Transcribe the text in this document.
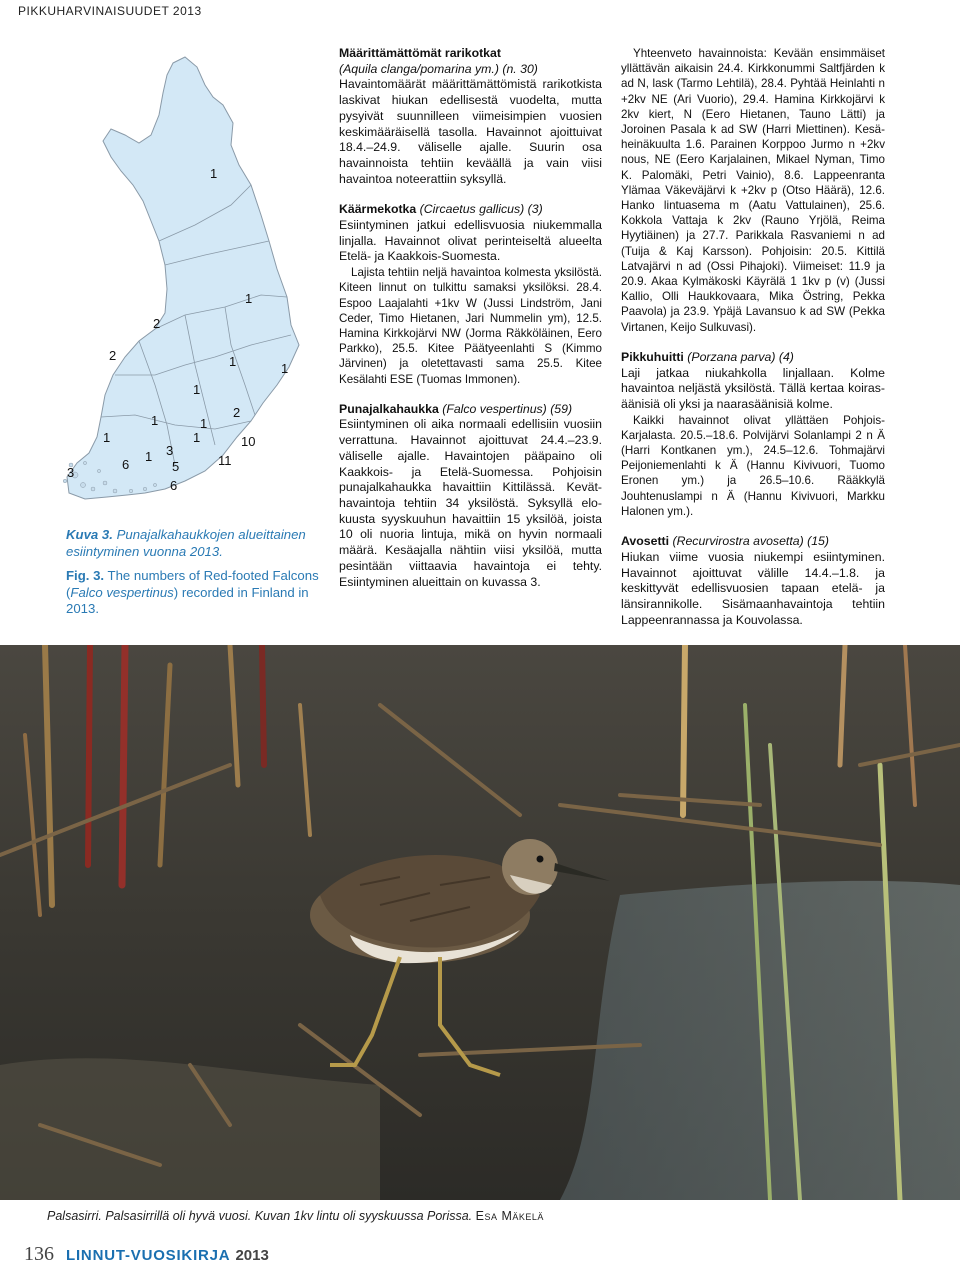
PIKKUHARVINAISUUDET 2013
1
1
2
2	1	1
1
2
1
1	1
1
6
3
5
1
10
11
6
3
Kuva 3. Punajalkahaukkojen alueittainen esiintyminen vuonna 2013.
Fig. 3. The numbers of Red-footed Falcons (Falco vespertinus) recorded in Finland in 2013.

Määrittämättömät rarikotkat

(Aquila clanga/pomarina ym.) (n. 30)

Havaintomäärät määrittämättömistä rarikotkista laskivat hiukan edellisestä vuodelta, mutta pysyivät suunnilleen viimeisimpien vuosien keskimääräisellä tasolla. Havainnot ajoittuivat 18.4.–24.9. väliselle ajalle. Suurin osa havainnoista tehtiin keväällä ja vain viisi havaintoa noteerattiin syksyllä.

Käärmekotka (Circaetus gallicus) (3)

Esiintyminen jatkui edellisvuosia niukemmalla linjalla. Havainnot olivat perinteiseltä alueelta Etelä- ja Kaakkois-Suomesta.

Lajista tehtiin neljä havaintoa kolmesta yksilöstä. Kiteen linnut on tulkittu samaksi yksilöksi. 28.4. Espoo Laajalahti +1kv W (Jussi Lindström, Jani Ceder, Timo Hietanen, Jari Nummelin ym), 12.5. Hamina Kirkkojärvi NW (Jorma Räkköläinen, Eero Parkko), 25.5. Kitee Päätyeenlahti S (Kimmo Järvinen) ja oletettavasti sama 25.5. Kitee Kesälahti ESE (Tuomas Immonen).

Punajalkahaukka (Falco vespertinus) (59)

Esiintyminen oli aika normaali edellisiin vuosiin verrattuna. Havainnot ajoittuvat 24.4.–23.9. väliselle ajalle. Havaintojen pääpaino oli Kaakkois- ja Etelä-Suomessa. Pohjoisin punajalkahaukka havaittiin Kittilässä. Keväthavaintoja tehtiin 34 yksilöstä. Syksyllä elokuusta syyskuuhun havaittiin 15 yksilöä, joista 10 oli nuoria lintuja, mikä on hyvin normaali määrä. Kesäajalla nähtiin viisi yksilöä, mutta pesintään viittaavia havaintoja ei tehty. Esiintyminen alueittain on kuvassa 3.

Yhteenveto havainnoista: Kevään ensimmäiset yllättävän aikaisin 24.4. Kirkkonummi Saltfjärden k ad N, lask (Tarmo Lehtilä), 28.4. Pyhtää Heinlahti n +2kv NE (Ari Vuorio), 29.4. Hamina Kirkkojärvi k 2kv kiert, N (Eero Hietanen, Tauno Lätti) ja Joroinen Pasala k ad SW (Harri Miettinen). Kesä-heinäkuulta 1.6. Parainen Korppoo Jurmo n +2kv nous, NE (Eero Karjalainen, Mikael Nyman, Timo K. Palomäki, Petri Vainio), 8.6. Lappeenranta Ylämaa Väkeväjärvi k +2kv p (Otso Häärä), 12.6. Hanko lintuasema m (Aatu Vattulainen), 25.6. Kokkola Vattaja k 2kv (Rauno Yrjölä, Reima Hyytiäinen) ja 27.7. Parikkala Rasvaniemi n ad (Tuija & Kaj Karsson). Pohjoisin: 20.5. Kittilä Latvajärvi n ad (Ossi Pihajoki). Viimeiset: 11.9 ja 20.9. Akaa Kylmäkoski Käyrälä 1 1kv p (v) (Jussi Kallio, Olli Haukkovaara, Mika Östring, Pekka Paavola) ja 23.9. Ypäjä Lavansuo k ad SW (Pekka Virtanen, Keijo Sulkuvasi).

Pikkuhuitti (Porzana parva) (4)

Laji jatkaa niukahkolla linjallaan. Kolme havaintoa neljästä yksilöstä. Tällä kertaa koirasäänisiä oli yksi ja naarasäänisiä kolme.

Kaikki havainnot olivat yllättäen Pohjois-Karjalasta. 20.5.–18.6. Polvijärvi Solanlampi 2 n Ä (Harri Kontkanen ym.), 24.5–12.6. Tohmajärvi Peijoniemenlahti k Ä (Hannu Kivivuori, Tuomo Eronen ym.) ja 26.5–10.6. Rääkkylä Jouhtenuslampi n Ä (Hannu Kivivuori, Markku Halonen ym.).

Avosetti (Recurvirostra avosetta) (15)

Hiukan viime vuosia niukempi esiintyminen. Havainnot ajoittuvat välille 14.4.–1.8. ja keskittyvät edellisvuosien tapaan etelä- ja länsirannikolle. Sisämaanhavaintoja tehtiin Lappeenrannassa ja Kouvolassa.

Palsasirri. Palsasirrillä oli hyvä vuosi. Kuvan 1kv lintu oli syyskuussa Porissa. Esa Mäkelä
136 LINNUT-VUOSIKIRJA 2013
